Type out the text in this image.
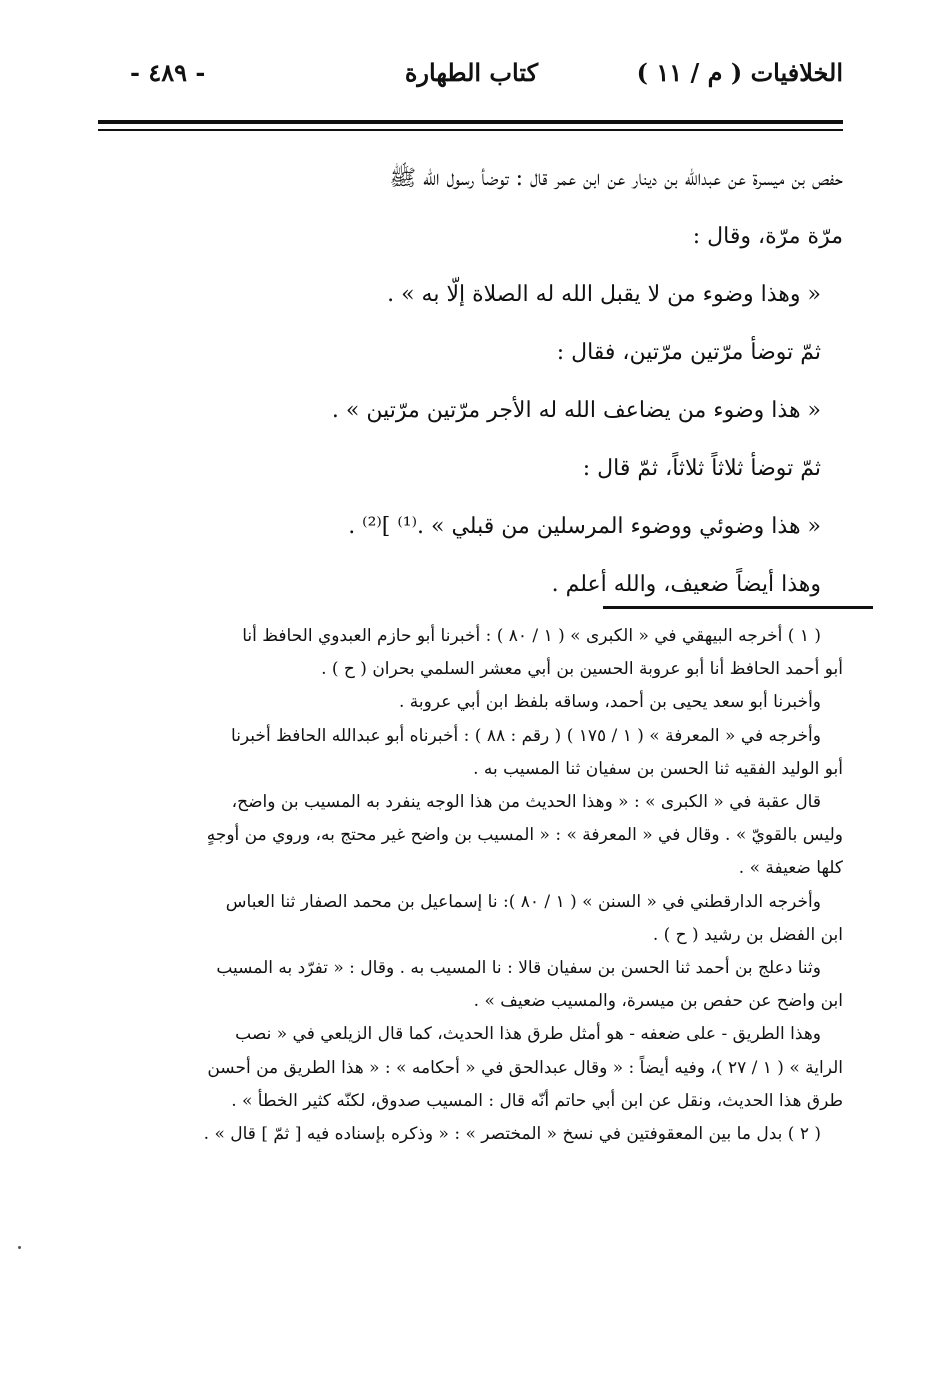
الخلافيات ( م / ١١ )
كتاب الطهارة
- ٤٨٩ -

حفص بن ميسرة عن عبدالله بن دينار عن ابن عمر قال : توضأ رسول الله ﷺ

مرّة مرّة، وقال :

« وهذا وضوء من لا يقبل الله له الصلاة إلّا به » .

ثمّ توضأ مرّتين مرّتين، فقال :

« هذا وضوء من يضاعف الله له الأجر مرّتين مرّتين » .

ثمّ توضأ ثلاثاً ثلاثاً، ثمّ قال :

« هذا وضوئي ووضوء المرسلين من قبلي » .⁽¹⁾ ]⁽²⁾ .

وهذا أيضاً ضعيف، والله أعلم .

( ١ ) أخرجه البيهقي في « الكبرى » ( ١ / ٨٠ ) : أخبرنا أبو حازم العبدوي الحافظ أنا

أبو أحمد الحافظ أنا أبو عروبة الحسين بن أبي معشر السلمي بحران ( ح ) .

وأخبرنا أبو سعد يحيى بن أحمد، وساقه بلفظ ابن أبي عروبة .

وأخرجه في « المعرفة » ( ١ / ١٧٥ ) ( رقم : ٨٨ ) : أخبرناه أبو عبدالله الحافظ أخبرنا

أبو الوليد الفقيه ثنا الحسن بن سفيان ثنا المسيب به .

قال عقبة في « الكبرى » : « وهذا الحديث من هذا الوجه ينفرد به المسيب بن واضح،

وليس بالقويّ » . وقال في « المعرفة » : « المسيب بن واضح غير محتج به، وروي من أوجهٍ

كلها ضعيفة » .

وأخرجه الدارقطني في « السنن » ( ١ / ٨٠ ): نا إسماعيل بن محمد الصفار ثنا العباس

ابن الفضل بن رشيد ( ح ) .

وثنا دعلج بن أحمد ثنا الحسن بن سفيان قالا : نا المسيب به . وقال : « تفرّد به المسيب

ابن واضح عن حفص بن ميسرة، والمسيب ضعيف » .

وهذا الطريق - على ضعفه - هو أمثل طرق هذا الحديث، كما قال الزيلعي في « نصب

الراية » ( ١ / ٢٧ )، وفيه أيضاً : « وقال عبدالحق في « أحكامه » : « هذا الطريق من أحسن

طرق هذا الحديث، ونقل عن ابن أبي حاتم أنّه قال : المسيب صدوق، لكنّه كثير الخطأ » .

( ٢ ) بدل ما بين المعقوفتين في نسخ « المختصر » : « وذكره بإسناده فيه [ ثمّ ] قال » .
